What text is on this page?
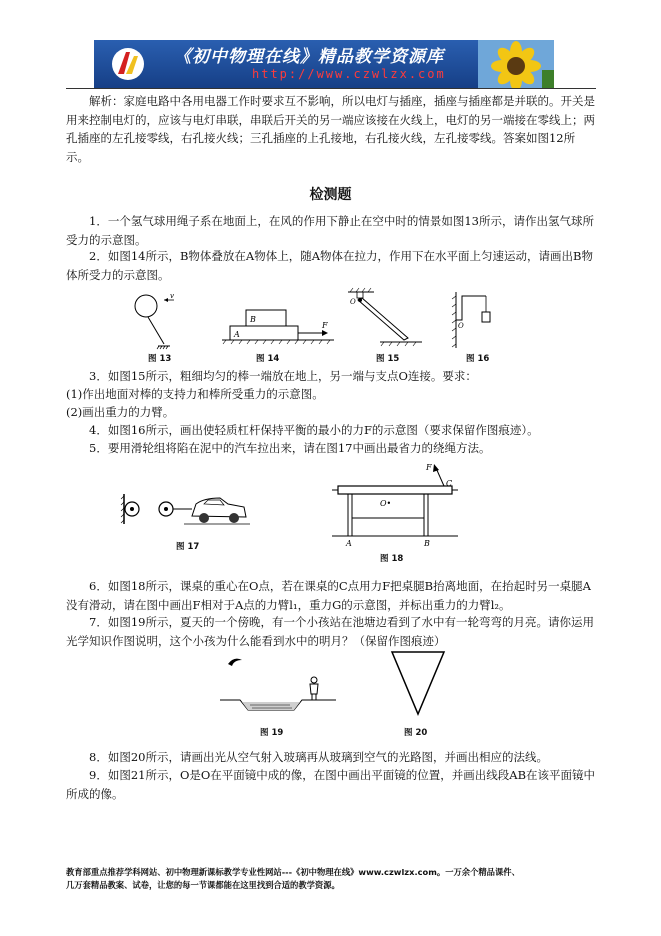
《初中物理在线》精品教学资源库
http://www.czwlzx.com

解析：家庭电路中各用电器工作时要求互不影响，所以电灯与插座，插座与插座都是并联的。开关是用来控制电灯的，应该与电灯串联，串联后开关的另一端应该接在火线上，电灯的另一端接在零线上；两孔插座的左孔接零线，右孔接火线；三孔插座的上孔接地，右孔接火线，左孔接零线。答案如图12所示。

检测题

1．一个氢气球用绳子系在地面上，在风的作用下静止在空中时的情景如图13所示，请作出氢气球所受力的示意图。

2．如图14所示，B物体叠放在A物体上，随A物体在拉力，作用下在水平面上匀速运动，请画出B物体所受力的示意图。

v
图 13
B
A
F
图 14
O
图 15
O
图 16

3．如图15所示，粗细均匀的棒一端放在地上，另一端与支点O连接。要求：

(1)作出地面对棒的支持力和棒所受重力的示意图。

(2)画出重力的力臂。

4．如图16所示，画出使轻质杠杆保持平衡的最小的力F的示意图（要求保留作图痕迹）。

5．要用滑轮组将陷在泥中的汽车拉出来，请在图17中画出最省力的绕绳方法。

图 17
F
C
O•
A	B
图 18

6．如图18所示，课桌的重心在O点，若在课桌的C点用力F把桌腿B抬离地面，在抬起时另一桌腿A没有滑动，请在图中画出F相对于A点的力臂l₁，重力G的示意图，并标出重力的力臂l₂。

7．如图19所示，夏天的一个傍晚，有一个小孩站在池塘边看到了水中有一轮弯弯的月亮。请你运用光学知识作图说明，这个小孩为什么能看到水中的明月？（保留作图痕迹）

图 19	图 20

8．如图20所示，请画出光从空气射入玻璃再从玻璃到空气的光路图，并画出相应的法线。

9．如图21所示，O是O在平面镜中成的像，在图中画出平面镜的位置，并画出线段AB在该平面镜中所成的像。

教育部重点推荐学科网站、初中物理新课标教学专业性网站---《初中物理在线》www.czwlzx.com。一万余个精品课件、
几万套精品教案、试卷，让您的每一节课都能在这里找到合适的教学资源。
